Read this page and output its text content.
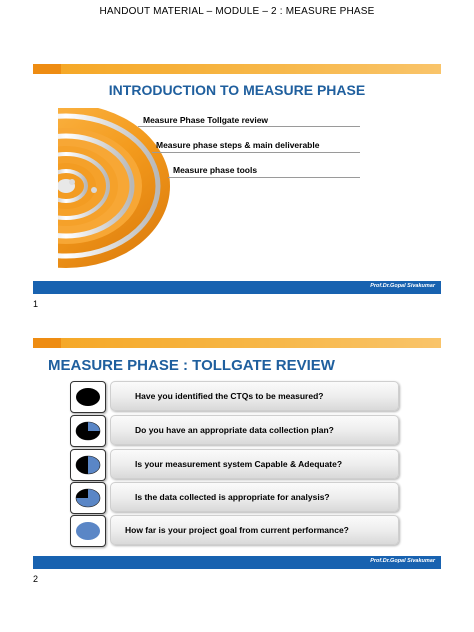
HANDOUT MATERIAL – MODULE – 2 : MEASURE PHASE
INTRODUCTION TO MEASURE PHASE
Measure Phase Tollgate review
Measure phase steps & main deliverable
Measure phase tools
Prof.Dr.Gopal Sivakumar
1
MEASURE PHASE : TOLLGATE REVIEW
Have you identified the CTQs to be measured?
Do you have an appropriate data collection plan?
Is your measurement system Capable & Adequate?
Is the data collected is appropriate for analysis?
How far is your project goal from current performance?
Prof.Dr.Gopal Sivakumar
2
